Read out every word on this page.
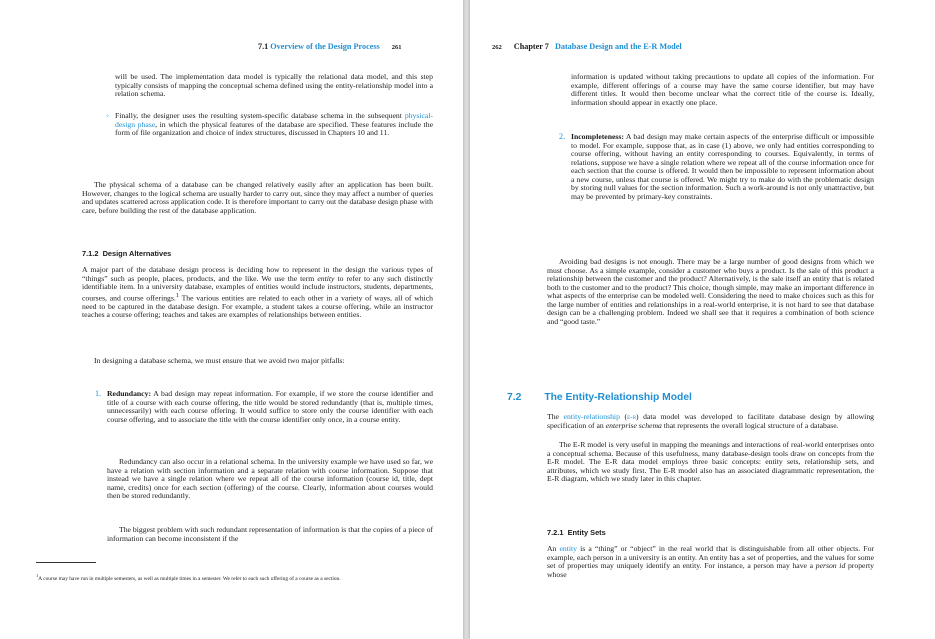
7.1 Overview of the Design Process 261

will be used. The implementation data model is typically the relational data model, and this step typically consists of mapping the conceptual schema defined using the entity-relationship model into a relation schema.

◦ Finally, the designer uses the resulting system-specific database schema in the subsequent physical-design phase, in which the physical features of the database are specified. These features include the form of file organization and choice of index structures, discussed in Chapters 10 and 11.

The physical schema of a database can be changed relatively easily after an application has been built. However, changes to the logical schema are usually harder to carry out, since they may affect a number of queries and updates scattered across application code. It is therefore important to carry out the database design phase with care, before building the rest of the database application.

7.1.2 Design Alternatives

A major part of the database design process is deciding how to represent in the design the various types of “things” such as people, places, products, and the like. We use the term entity to refer to any such distinctly identifiable item. In a university database, examples of entities would include instructors, students, departments, courses, and course offerings.$^1$ The various entities are related to each other in a variety of ways, all of which need to be captured in the database design. For example, a student takes a course offering, while an instructor teaches a course offering; teaches and takes are examples of relationships between entities.

In designing a database schema, we must ensure that we avoid two major pitfalls:

1. Redundancy: A bad design may repeat information. For example, if we store the course identifier and title of a course with each course offering, the title would be stored redundantly (that is, multiple times, unnecessarily) with each course offering. It would suffice to store only the course identifier with each course offering, and to associate the title with the course identifier only once, in a course entity.

Redundancy can also occur in a relational schema. In the university example we have used so far, we have a relation with section information and a separate relation with course information. Suppose that instead we have a single relation where we repeat all of the course information (course id, title, dept name, credits) once for each section (offering) of the course. Clearly, information about courses would then be stored redundantly.

The biggest problem with such redundant representation of information is that the copies of a piece of information can become inconsistent if the

$^1$A course may have run in multiple semesters, as well as multiple times in a semester. We refer to each such offering of a course as a section.

262 Chapter 7 Database Design and the E-R Model

information is updated without taking precautions to update all copies of the information. For example, different offerings of a course may have the same course identifier, but may have different titles. It would then become unclear what the correct title of the course is. Ideally, information should appear in exactly one place.

2. Incompleteness: A bad design may make certain aspects of the enterprise difficult or impossible to model. For example, suppose that, as in case (1) above, we only had entities corresponding to course offering, without having an entity corresponding to courses. Equivalently, in terms of relations, suppose we have a single relation where we repeat all of the course information once for each section that the course is offered. It would then be impossible to represent information about a new course, unless that course is offered. We might try to make do with the problematic design by storing null values for the section information. Such a work-around is not only unattractive, but may be prevented by primary-key constraints.

Avoiding bad designs is not enough. There may be a large number of good designs from which we must choose. As a simple example, consider a customer who buys a product. Is the sale of this product a relationship between the customer and the product? Alternatively, is the sale itself an entity that is related both to the customer and to the product? This choice, though simple, may make an important difference in what aspects of the enterprise can be modeled well. Considering the need to make choices such as this for the large number of entities and relationships in a real-world enterprise, it is not hard to see that database design can be a challenging problem. Indeed we shall see that it requires a combination of both science and “good taste.”

7.2 The Entity-Relationship Model

The entity-relationship (e-r) data model was developed to facilitate database design by allowing specification of an enterprise schema that represents the overall logical structure of a database.

The E-R model is very useful in mapping the meanings and interactions of real-world enterprises onto a conceptual schema. Because of this usefulness, many database-design tools draw on concepts from the E-R model. The E-R data model employs three basic concepts: entity sets, relationship sets, and attributes, which we study first. The E-R model also has an associated diagrammatic representation, the E-R diagram, which we study later in this chapter.

7.2.1 Entity Sets

An entity is a “thing” or “object” in the real world that is distinguishable from all other objects. For example, each person in a university is an entity. An entity has a set of properties, and the values for some set of properties may uniquely identify an entity. For instance, a person may have a person id property whose
